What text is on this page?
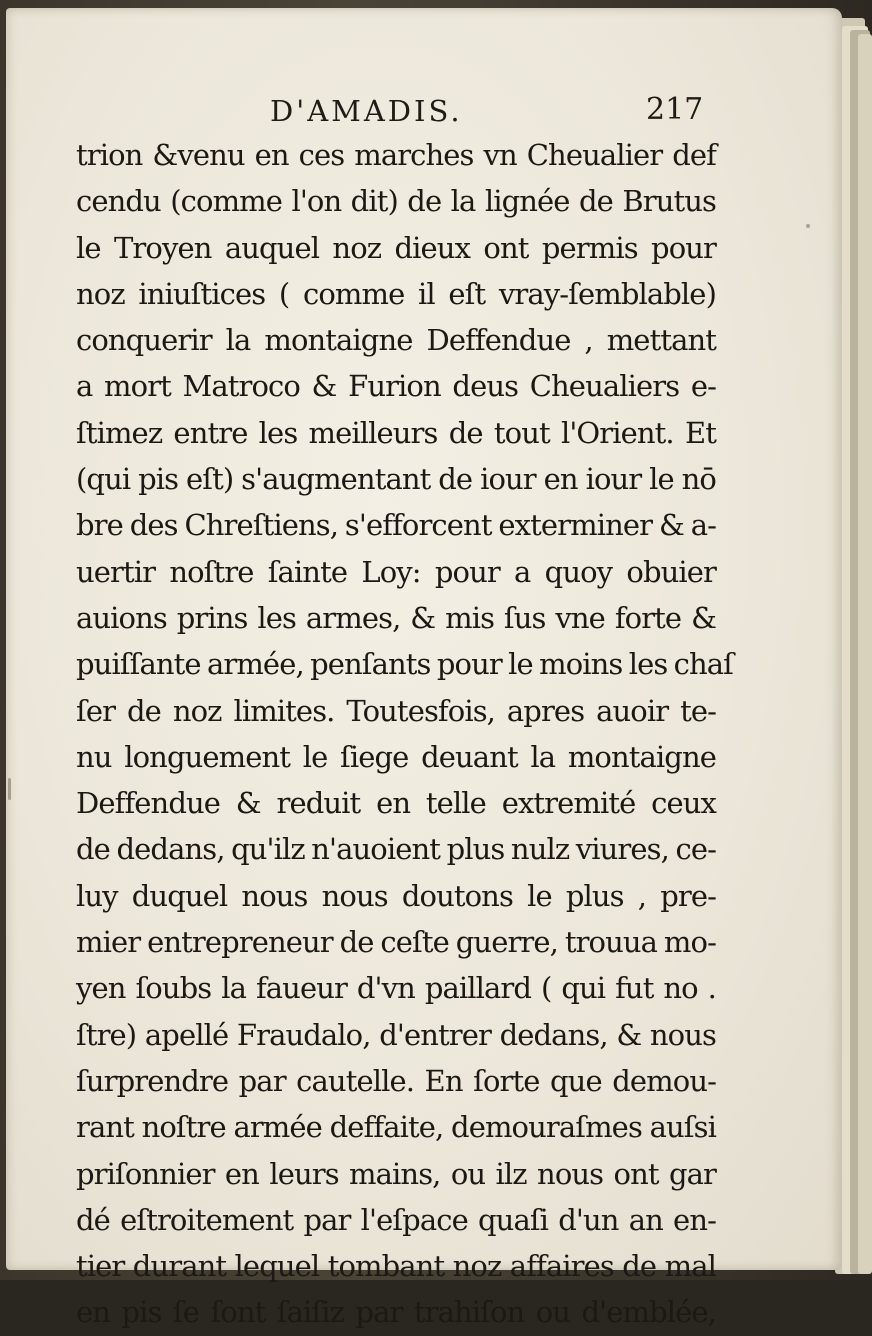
D'AMADIS.	217
trion &venu en ces marches vn Cheualier def
cendu (comme l'on dit) de la lignée de Brutus
le Troyen auquel noz dieux ont permis pour
noz iniuſtices ( comme il eſt vray-ſemblable)
conquerir la montaigne Deffendue , mettant
a mort Matroco & Furion deus Cheualiers e-
ſtimez entre les meilleurs de tout l'Orient. Et
(qui pis eſt) s'augmentant de iour en iour le nō
bre des Chreſtiens, s'efforcent exterminer & a-
uertir noſtre ſainte Loy: pour a quoy obuier
auions prins les armes, & mis ſus vne forte &
puiſſante armée, penſants pour le moins les chaſ
ſer de noz limites. Toutesfois, apres auoir te-
nu longuement le ſiege deuant la montaigne
Deffendue & reduit en telle extremité ceux
de dedans, qu'ilz n'auoient plus nulz viures, ce-
luy duquel nous nous doutons le plus , pre-
mier entrepreneur de ceſte guerre, trouua mo-
yen ſoubs la faueur d'vn paillard ( qui fut no .
ſtre) apellé Fraudalo, d'entrer dedans, & nous
ſurprendre par cautelle. En ſorte que demou-
rant noſtre armée deffaite, demouraſmes auſsi
priſonnier en leurs mains, ou ilz nous ont gar
dé eſtroitement par l'eſpace quaſi d'un an en-
tier durant lequel tombant noz affaires de mal
en pis ſe ſont ſaiſiz par trahiſon ou d'emblée,
